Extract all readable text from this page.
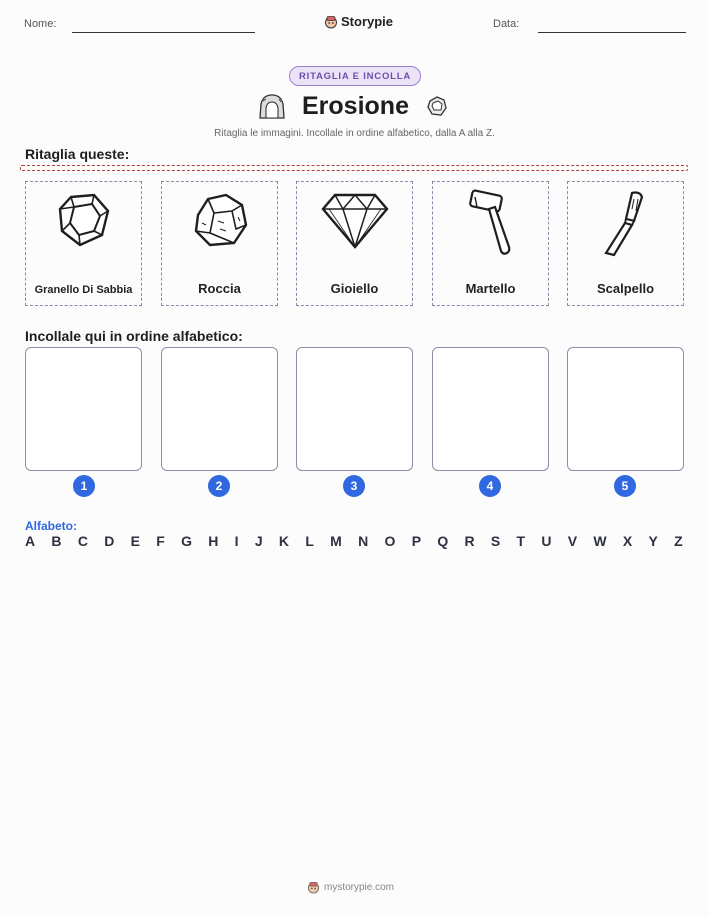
Nome:	Storypie	Data:
RITAGLIA E INCOLLA
Erosione
Ritaglia le immagini. Incollale in ordine alfabetico, dalla A alla Z.
Ritaglia queste:
Granello Di Sabbia	Roccia	Gioiello	Martello	Scalpello
Incollale qui in ordine alfabetico:
1	2	3	4	5
Alfabeto:
A B C D E F G H I J K L M N O P Q R S T U V W X Y Z
mystorypie.com
